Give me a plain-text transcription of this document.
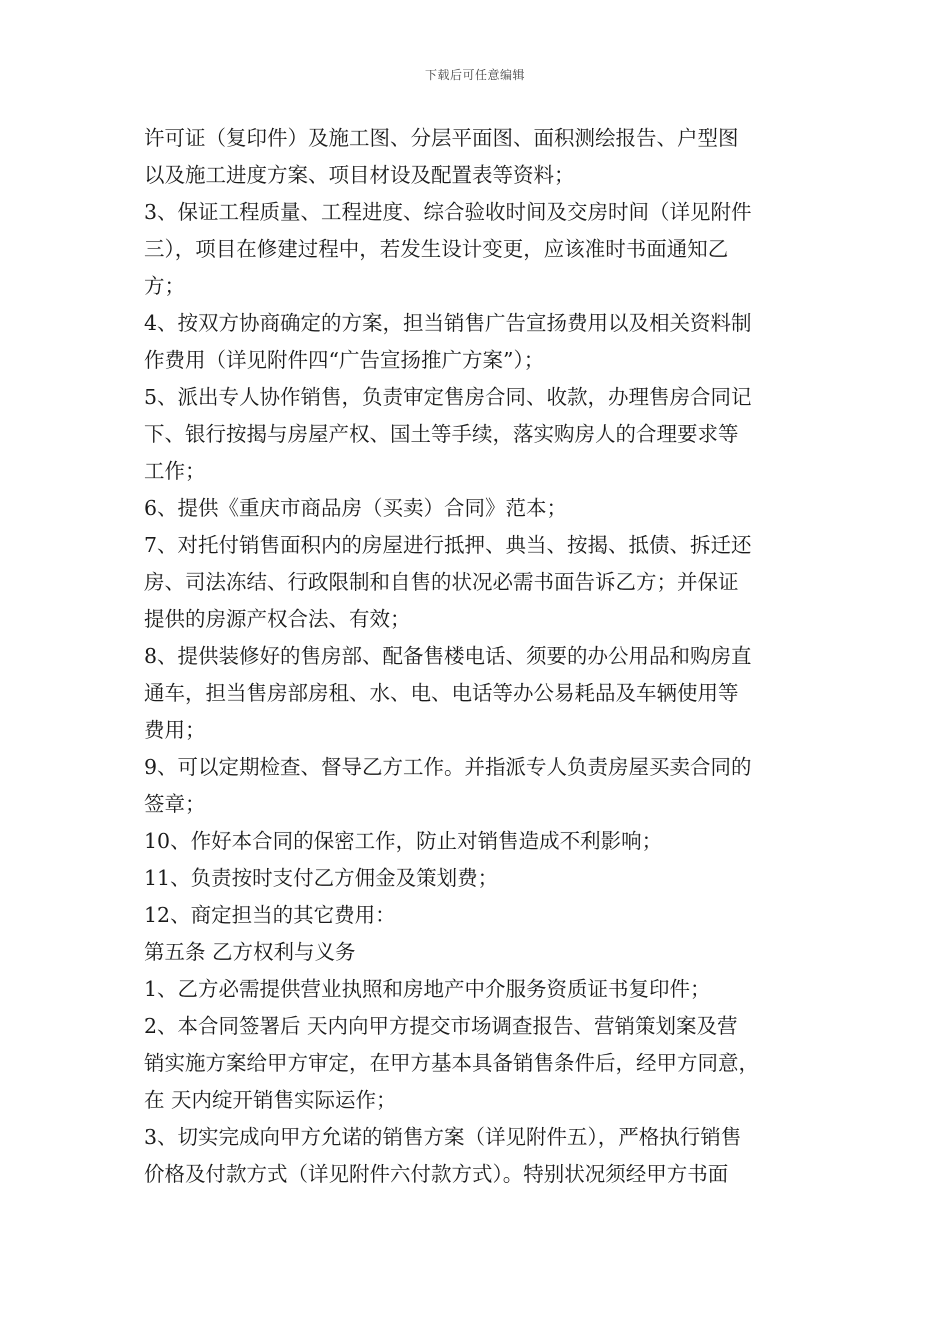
下载后可任意编辑
许可证（复印件）及施工图、分层平面图、面积测绘报告、户型图
以及施工进度方案、项目材设及配置表等资料；
3、保证工程质量、工程进度、综合验收时间及交房时间（详见附件
三），项目在修建过程中，若发生设计变更，应该准时书面通知乙
方；
4、按双方协商确定的方案，担当销售广告宣扬费用以及相关资料制
作费用（详见附件四“广告宣扬推广方案”）；
5、派出专人协作销售，负责审定售房合同、收款，办理售房合同记
下、银行按揭与房屋产权、国土等手续，落实购房人的合理要求等
工作；
6、提供《重庆市商品房（买卖）合同》范本；
7、对托付销售面积内的房屋进行抵押、典当、按揭、抵债、拆迁还
房、司法冻结、行政限制和自售的状况必需书面告诉乙方；并保证
提供的房源产权合法、有效；
8、提供装修好的售房部、配备售楼电话、须要的办公用品和购房直
通车，担当售房部房租、水、电、电话等办公易耗品及车辆使用等
费用；
9、可以定期检查、督导乙方工作。并指派专人负责房屋买卖合同的
签章；
10、作好本合同的保密工作，防止对销售造成不利影响；
11、负责按时支付乙方佣金及策划费；
12、商定担当的其它费用：
第五条 乙方权利与义务
1、乙方必需提供营业执照和房地产中介服务资质证书复印件；
2、本合同签署后 天内向甲方提交市场调查报告、营销策划案及营
销实施方案给甲方审定，在甲方基本具备销售条件后，经甲方同意，
在 天内绽开销售实际运作；
3、切实完成向甲方允诺的销售方案（详见附件五），严格执行销售
价格及付款方式（详见附件六付款方式）。特别状况须经甲方书面
